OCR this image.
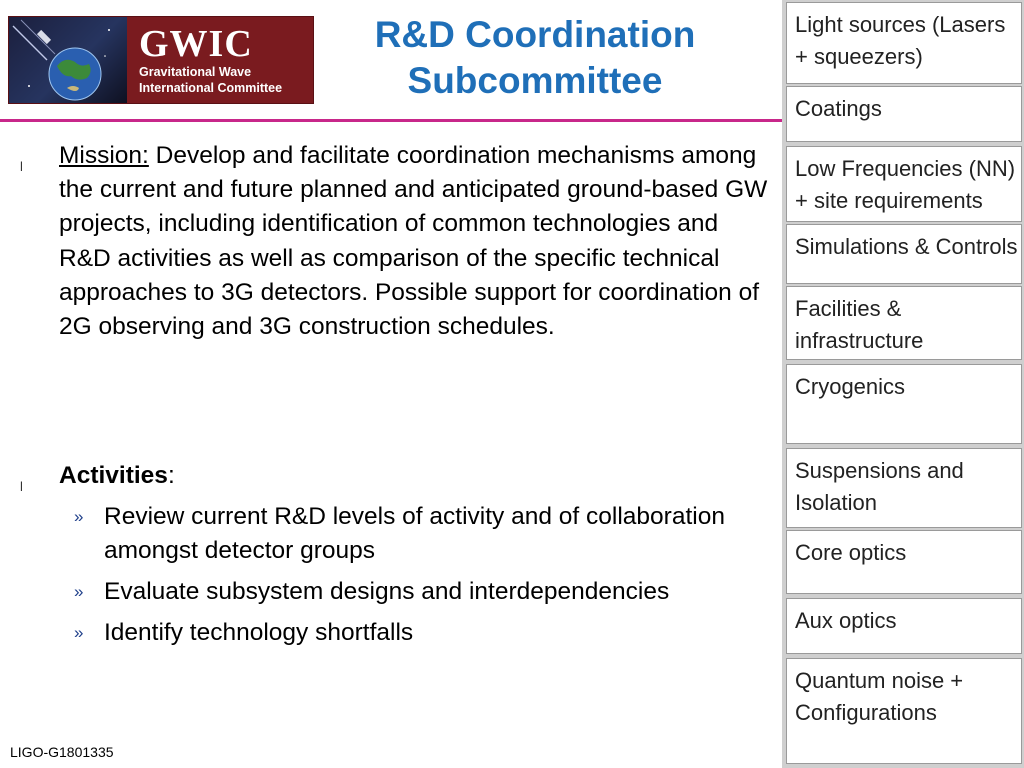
GWIC
Gravitational Wave
International Committee
R&D Coordination
Subcommittee
l Mission: Develop and facilitate coordination mechanisms among the current and future planned and anticipated ground-based GW projects, including identification of common technologies and R&D activities as well as comparison of the specific technical approaches to 3G detectors. Possible support for coordination of 2G observing and 3G construction schedules.
l Activities:
» Review current R&D levels of activity and of collaboration amongst detector groups
» Evaluate subsystem designs and interdependencies
» Identify technology shortfalls
LIGO-G1801335
Light sources (Lasers + squeezers)
Coatings
Low Frequencies (NN) + site requirements
Simulations & Controls
Facilities & infrastructure
Cryogenics
Suspensions and Isolation
Core optics
Aux optics
Quantum noise + Configurations
